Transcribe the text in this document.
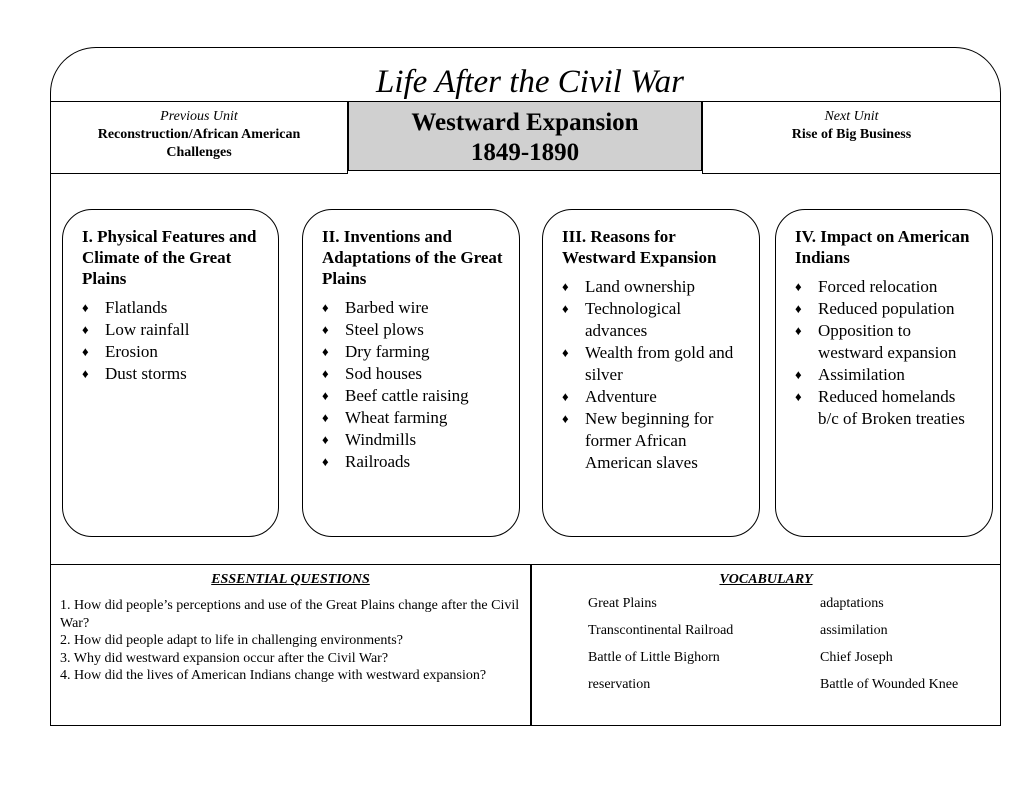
Life After the Civil War
Previous Unit
Reconstruction/African American Challenges
Westward Expansion
1849-1890
Next Unit
Rise of Big Business
I. Physical Features and Climate of the Great Plains
♦ Flatlands
♦ Low rainfall
♦ Erosion
♦ Dust storms
II. Inventions and Adaptations of the Great Plains
♦ Barbed wire
♦ Steel plows
♦ Dry farming
♦ Sod houses
♦ Beef cattle raising
♦ Wheat farming
♦ Windmills
♦ Railroads
III. Reasons for Westward Expansion
♦ Land ownership
♦ Technological advances
♦ Wealth from gold and silver
♦ Adventure
♦ New beginning for former African American slaves
IV. Impact on American Indians
♦ Forced relocation
♦ Reduced population
♦ Opposition to westward expansion
♦ Assimilation
♦ Reduced homelands b/c of Broken treaties
ESSENTIAL QUESTIONS
1. How did people’s perceptions and use of the Great Plains change after the Civil War?
2. How did people adapt to life in challenging environments?
3. Why did westward expansion occur after the Civil War?
4. How did the lives of American Indians change with westward expansion?
VOCABULARY
Great Plains
Transcontinental Railroad
Battle of Little Bighorn
reservation
adaptations
assimilation
Chief Joseph
Battle of Wounded Knee
